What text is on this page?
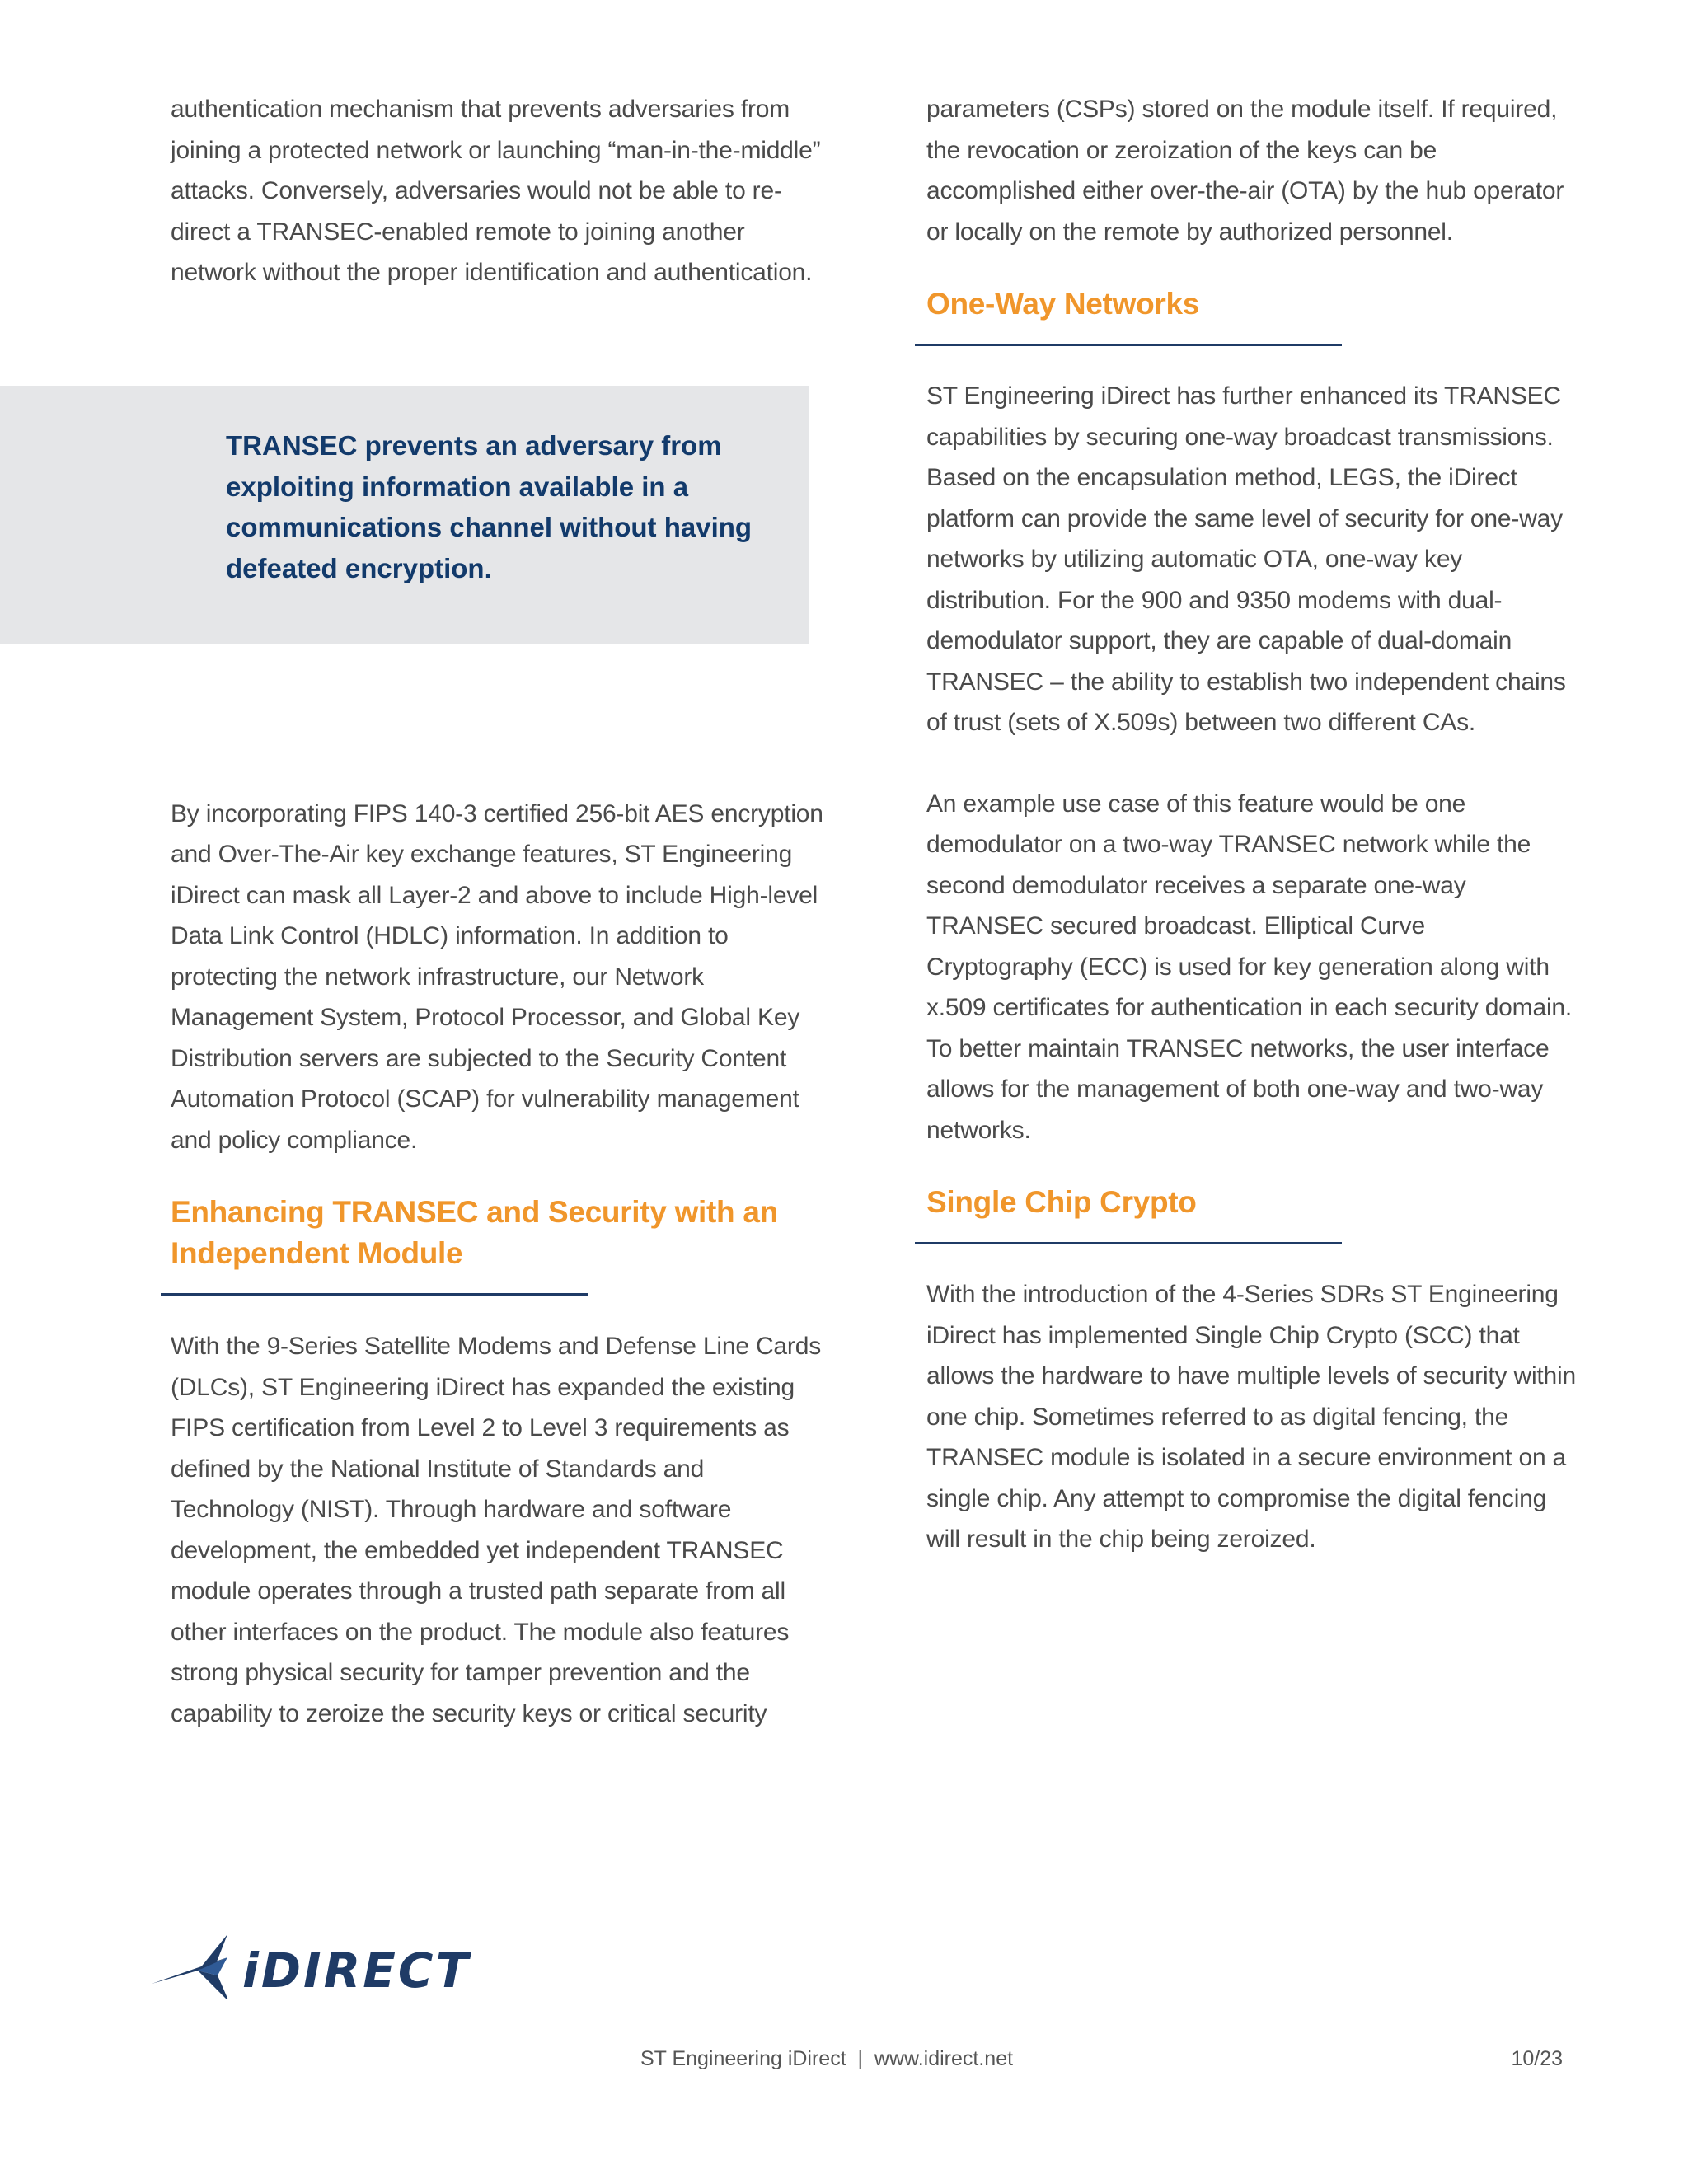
authentication mechanism that prevents adversaries from joining a protected network or launching “man-in-the-middle” attacks. Conversely, adversaries would not be able to re-direct a TRANSEC-enabled remote to joining another network without the proper identification and authentication.

By incorporating FIPS 140-3 certified 256-bit AES encryption and Over-The-Air key exchange features, ST Engineering iDirect can mask all Layer-2 and above to include High-level Data Link Control (HDLC) information. In addition to protecting the network infrastructure, our Network Management System, Protocol Processor, and Global Key Distribution servers are subjected to the Security Content Automation Protocol (SCAP) for vulnerability management and policy compliance.

Enhancing TRANSEC and Security with an Independent Module

With the 9-Series Satellite Modems and Defense Line Cards (DLCs), ST Engineering iDirect has expanded the existing FIPS certification from Level 2 to Level 3 requirements as defined by the National Institute of Standards and Technology (NIST). Through hardware and software development, the embedded yet independent TRANSEC module operates through a trusted path separate from all other interfaces on the product. The module also features strong physical security for tamper prevention and the capability to zeroize the security keys or critical security

TRANSEC prevents an adversary from exploiting information available in a communications channel without having defeated encryption.

parameters (CSPs) stored on the module itself. If required, the revocation or zeroization of the keys can be accomplished either over-the-air (OTA) by the hub operator or locally on the remote by authorized personnel.

One-Way Networks

ST Engineering iDirect has further enhanced its TRANSEC capabilities by securing one-way broadcast transmissions. Based on the encapsulation method, LEGS, the iDirect platform can provide the same level of security for one-way networks by utilizing automatic OTA, one-way key distribution. For the 900 and 9350 modems with dual-demodulator support, they are capable of dual-domain TRANSEC – the ability to establish two independent chains of trust (sets of X.509s) between two different CAs.

An example use case of this feature would be one demodulator on a two-way TRANSEC network while the second demodulator receives a separate one-way TRANSEC secured broadcast. Elliptical Curve Cryptography (ECC) is used for key generation along with x.509 certificates for authentication in each security domain. To better maintain TRANSEC networks, the user interface allows for the management of both one-way and two-way networks.

Single Chip Crypto

With the introduction of the 4-Series SDRs ST Engineering iDirect has implemented Single Chip Crypto (SCC) that allows the hardware to have multiple levels of security within one chip. Sometimes referred to as digital fencing, the TRANSEC module is isolated in a secure environment on a single chip. Any attempt to compromise the digital fencing will result in the chip being zeroized.

iDIRECT
ST Engineering iDirect  |  www.idirect.net	10/23
